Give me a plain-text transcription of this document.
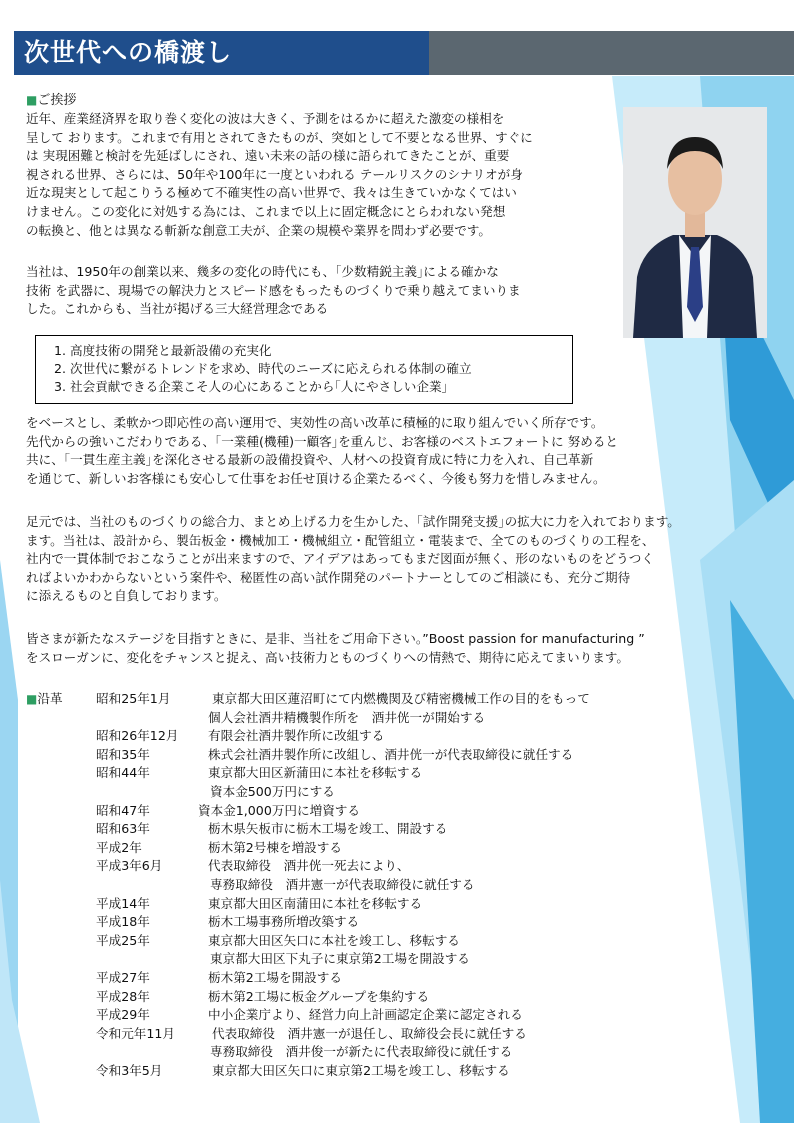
次世代への橋渡し
■ご挨拶
近年、産業経済界を取り巻く変化の波は大きく、予測をはるかに超えた激変の様相を
呈して おります。これまで有用とされてきたものが、突如として不要となる世界、すぐに
は 実現困難と検討を先延ばしにされ、遠い未来の話の様に語られてきたことが、重要
視される世界、さらには、50年や100年に一度といわれる テールリスクのシナリオが身
近な現実として起こりうる極めて不確実性の高い世界で、我々は生きていかなくてはい
けません。この変化に対処する為には、これまで以上に固定概念にとらわれない発想
の転換と、他とは異なる斬新な創意工夫が、企業の規模や業界を問わず必要です。
当社は、1950年の創業以来、幾多の変化の時代にも、｢少数精鋭主義｣による確かな
技術 を武器に、現場での解決力とスピード感をもったものづくりで乗り越えてまいりま
した。これからも、当社が掲げる三大経営理念である
1. 高度技術の開発と最新設備の充実化
2. 次世代に繋がるトレンドを求め、時代のニーズに応えられる体制の確立
3. 社会貢献できる企業こそ人の心にあることから｢人にやさしい企業｣
をベースとし、柔軟かつ即応性の高い運用で、実効性の高い改革に積極的に取り組んでいく所存です。
先代からの強いこだわりである、｢一業種(機種)一顧客｣を重んじ、お客様のベストエフォートに 努めると
共に、｢一貫生産主義｣を深化させる最新の設備投資や、人材への投資育成に特に力を入れ、自己革新
を通じて、新しいお客様にも安心して仕事をお任せ頂ける企業たるべく、今後も努力を惜しみません。
足元では、当社のものづくりの総合力、まとめ上げる力を生かした、｢試作開発支援｣の拡大に力を入れております。
ます。当社は、設計から、製缶板金・機械加工・機械組立・配管組立・電装まで、全てのものづくりの工程を、
社内で一貫体制でおこなうことが出来ますので、アイデアはあってもまだ図面が無く、形のないものをどうつく
ればよいかわからないという案件や、秘匿性の高い試作開発のパートナーとしてのご相談にも、充分ご期待
に添えるものと自負しております。
皆さまが新たなステージを目指すときに、是非、当社をご用命下さい。”Boost passion for manufacturing ”
をスローガンに、変化をチャンスと捉え、高い技術力とものづくりへの情熱で、期待に応えてまいります。
■沿革	昭和25年1月	東京都大田区蓮沼町にて内燃機関及び精密機械工作の目的をもって
個人会社酒井精機製作所を　酒井侊一が開始する
昭和26年12月 有限会社酒井製作所に改組する
昭和35年	株式会社酒井製作所に改組し、酒井侊一が代表取締役に就任する
昭和44年	東京都大田区新蒲田に本社を移転する
資本金500万円にする
昭和47年	資本金1,000万円に増資する
昭和63年	栃木県矢板市に栃木工場を竣工、開設する
平成2年	栃木第2号棟を増設する
平成3年6月	代表取締役　酒井侊一死去により、
専務取締役　酒井憲一が代表取締役に就任する
平成14年	東京都大田区南蒲田に本社を移転する
平成18年	栃木工場事務所増改築する
平成25年	東京都大田区矢口に本社を竣工し、移転する
東京都大田区下丸子に東京第2工場を開設する
平成27年	栃木第2工場を開設する
平成28年	栃木第2工場に板金グループを集約する
平成29年	中小企業庁より、経営力向上計画認定企業に認定される
令和元年11月	代表取締役　酒井憲一が退任し、取締役会長に就任する
専務取締役　酒井俊一が新たに代表取締役に就任する
令和3年5月	東京都大田区矢口に東京第2工場を竣工し、移転する
